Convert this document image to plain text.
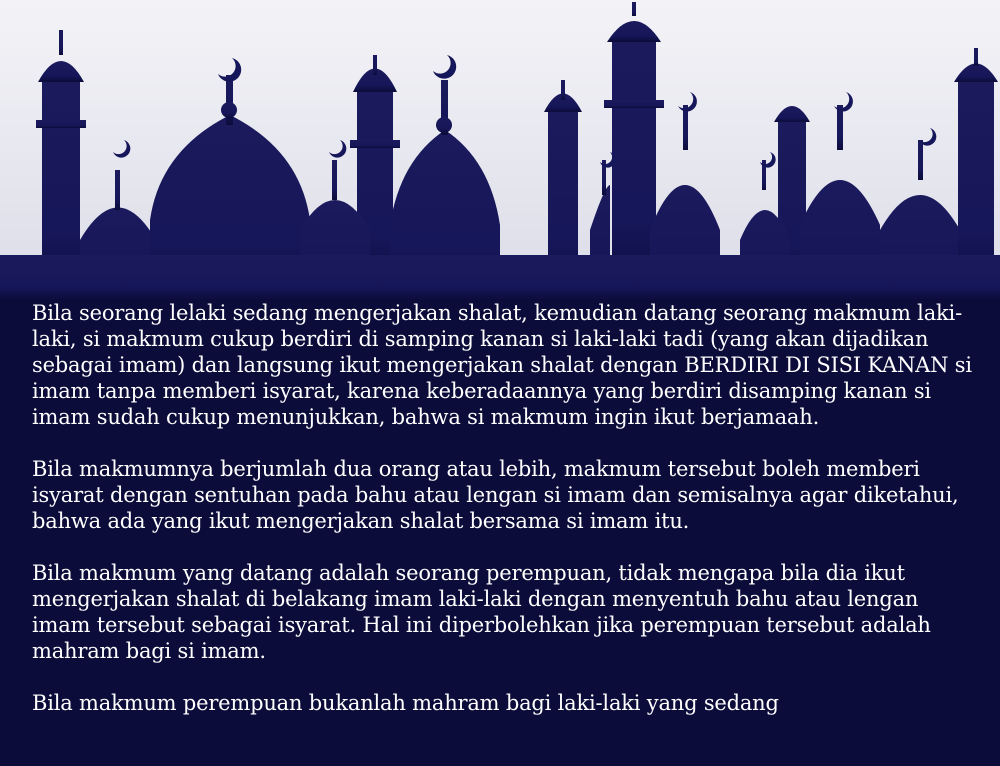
Bila seorang lelaki sedang mengerjakan shalat, kemudian datang seorang makmum laki-laki, si makmum cukup berdiri di samping kanan si laki-laki tadi (yang akan dijadikan sebagai imam) dan langsung ikut mengerjakan shalat dengan BERDIRI DI SISI KANAN si imam tanpa memberi isyarat, karena keberadaannya yang berdiri disamping kanan si imam sudah cukup menunjukkan, bahwa si makmum ingin ikut berjamaah.

Bila makmumnya berjumlah dua orang atau lebih, makmum tersebut boleh memberi isyarat dengan sentuhan pada bahu atau lengan si imam dan semisalnya agar diketahui, bahwa ada yang ikut mengerjakan shalat bersama si imam itu.

Bila makmum yang datang adalah seorang perempuan, tidak mengapa bila dia ikut mengerjakan shalat di belakang imam laki-laki dengan menyentuh bahu atau lengan imam tersebut sebagai isyarat. Hal ini diperbolehkan jika perempuan tersebut adalah mahram bagi si imam.

Bila makmum perempuan bukanlah mahram bagi laki-laki yang sedang
